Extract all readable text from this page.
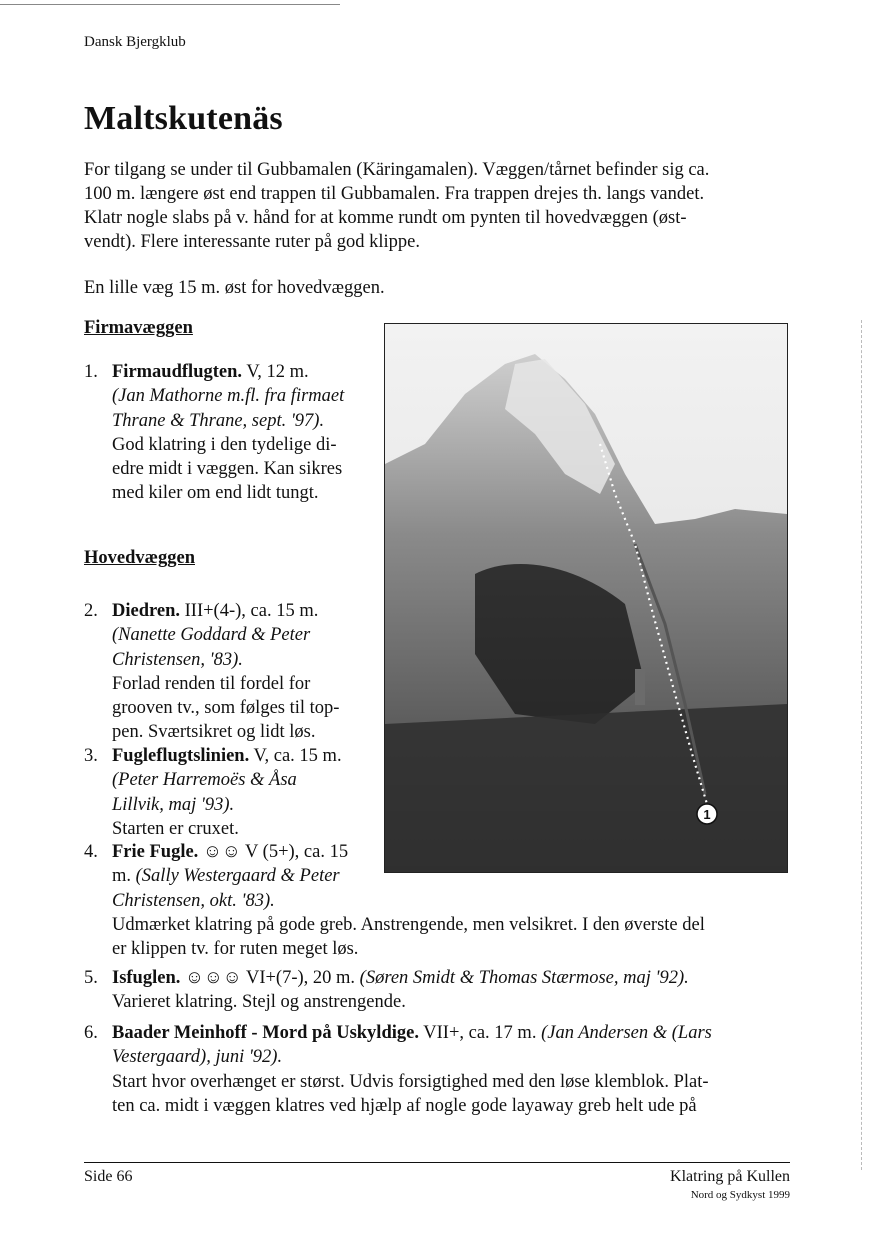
Dansk Bjergklub
Maltskutenäs

For tilgang se under til Gubbamalen (Käringamalen). Væggen/tårnet befinder sig ca.
100 m. længere øst end trappen til Gubbamalen. Fra trappen drejes th. langs vandet.
Klatr nogle slabs på v. hånd for at komme rundt om pynten til hovedvæggen (øst-
vendt). Flere interessante ruter på god klippe.

En lille væg 15 m. øst for hovedvæggen.

Firmavæggen
1. Firmaudflugten. V, 12 m.
(Jan Mathorne m.fl. fra firmaet
Thrane & Thrane, sept. '97).
God klatring i den tydelige di-
edre midt i væggen. Kan sikres
med kiler om end lidt tungt.
Hovedvæggen
2. Diedren. III+(4-), ca. 15 m.
(Nanette Goddard & Peter
Christensen, '83).
Forlad renden til fordel for
grooven tv., som følges til top-
pen. Sværtsikret og lidt løs.
3. Fugleflugtslinien. V, ca. 15 m.
(Peter Harremoës & Åsa
Lillvik, maj '93).
Starten er cruxet.
4. Frie Fugle. ☺☺ V (5+), ca. 15
m. (Sally Westergaard & Peter
Christensen, okt. '83).
Udmærket klatring på gode greb. Anstrengende, men velsikret. I den øverste del
er klippen tv. for ruten meget løs.
5. Isfuglen. ☺☺☺ VI+(7-), 20 m. (Søren Smidt & Thomas Stærmose, maj '92).
Varieret klatring. Stejl og anstrengende.
6. Baader Meinhoff - Mord på Uskyldige. VII+, ca. 17 m. (Jan Andersen & (Lars
Vestergaard), juni '92).
Start hvor overhænget er størst. Udvis forsigtighed med den løse klemblok. Plat-
ten ca. midt i væggen klatres ved hjælp af nogle gode layaway greb helt ude på
1
Side 66	Klatring på Kullen
Nord og Sydkyst 1999
